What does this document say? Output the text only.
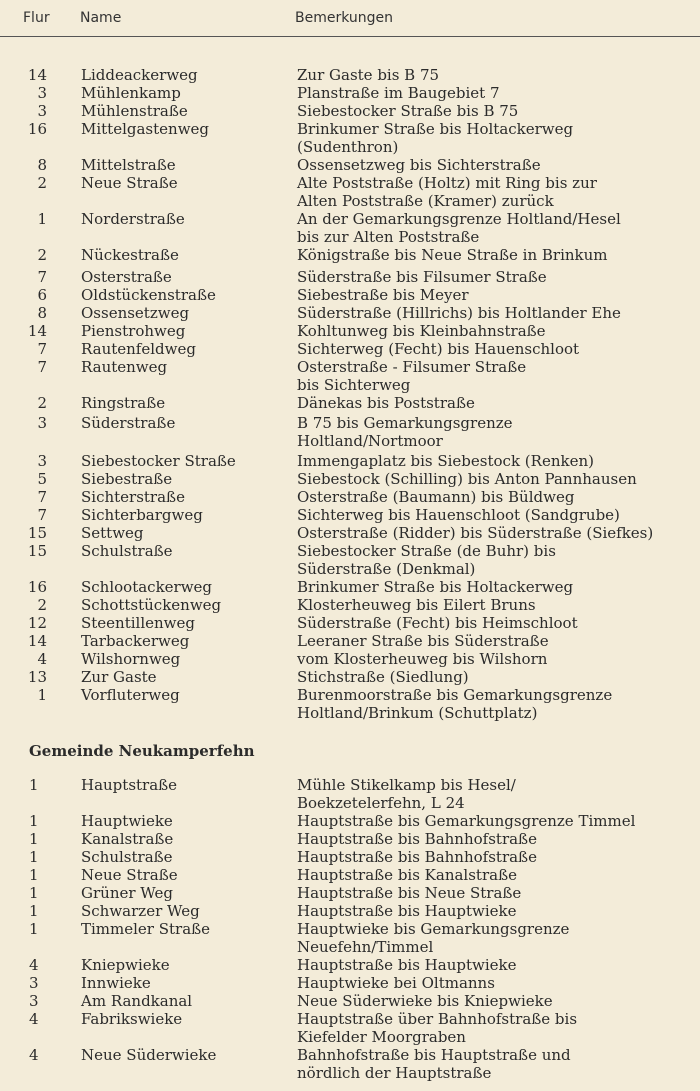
Flur Name	Bemerkungen
14 Liddeackerweg	Zur Gaste bis B 75
3 Mühlenkamp	Planstraße im Baugebiet 7
3 Mühlenstraße	Siebestocker Straße bis B 75
16 Mittelgastenweg	Brinkumer Straße bis Holtackerweg
(Sudenthron)
8 Mittelstraße	Ossensetzweg bis Sichterstraße
2 Neue Straße	Alte Poststraße (Holtz) mit Ring bis zur
Alten Poststraße (Kramer) zurück
1 Norderstraße	An der Gemarkungsgrenze Holtland/Hesel
bis zur Alten Poststraße
2 Nückestraße	Königstraße bis Neue Straße in Brinkum
7 Osterstraße	Süderstraße bis Filsumer Straße
6 Oldstückenstraße	Siebestraße bis Meyer
8 Ossensetzweg	Süderstraße (Hillrichs) bis Holtlander Ehe
14 Pienstrohweg	Kohltunweg bis Kleinbahnstraße
7 Rautenfeldweg	Sichterweg (Fecht) bis Hauenschloot
7 Rautenweg	Osterstraße - Filsumer Straße
bis Sichterweg
2 Ringstraße	Dänekas bis Poststraße
3 Süderstraße	B 75 bis Gemarkungsgrenze
Holtland/Nortmoor
3 Siebestocker Straße	Immengaplatz bis Siebestock (Renken)
5 Siebestraße	Siebestock (Schilling) bis Anton Pannhausen
7 Sichterstraße	Osterstraße (Baumann) bis Büldweg
7 Sichterbargweg	Sichterweg bis Hauenschloot (Sandgrube)
15 Settweg	Osterstraße (Ridder) bis Süderstraße (Siefkes)
15 Schulstraße	Siebestocker Straße (de Buhr) bis
Süderstraße (Denkmal)
16 Schlootackerweg	Brinkumer Straße bis Holtackerweg
2 Schottstückenweg	Klosterheuweg bis Eilert Bruns
12 Steentillenweg	Süderstraße (Fecht) bis Heimschloot
14 Tarbackerweg	Leeraner Straße bis Süderstraße
4 Wilshornweg	vom Klosterheuweg bis Wilshorn
13 Zur Gaste	Stichstraße (Siedlung)
1 Vorfluterweg	Burenmoorstraße bis Gemarkungsgrenze
Holtland/Brinkum (Schuttplatz)
Gemeinde Neukamperfehn
1	Hauptstraße	Mühle Stikelkamp bis Hesel/
Boekzetelerfehn, L 24
1	Hauptwieke	Hauptstraße bis Gemarkungsgrenze Timmel
1	Kanalstraße	Hauptstraße bis Bahnhofstraße
1	Schulstraße	Hauptstraße bis Bahnhofstraße
1	Neue Straße	Hauptstraße bis Kanalstraße
1	Grüner Weg	Hauptstraße bis Neue Straße
1	Schwarzer Weg	Hauptstraße bis Hauptwieke
1	Timmeler Straße	Hauptwieke bis Gemarkungsgrenze
Neuefehn/Timmel
4	Kniepwieke	Hauptstraße bis Hauptwieke
3	Innwieke	Hauptwieke bei Oltmanns
3	Am Randkanal	Neue Süderwieke bis Kniepwieke
4	Fabrikswieke	Hauptstraße über Bahnhofstraße bis
Kiefelder Moorgraben
4	Neue Süderwieke	Bahnhofstraße bis Hauptstraße und
nördlich der Hauptstraße
